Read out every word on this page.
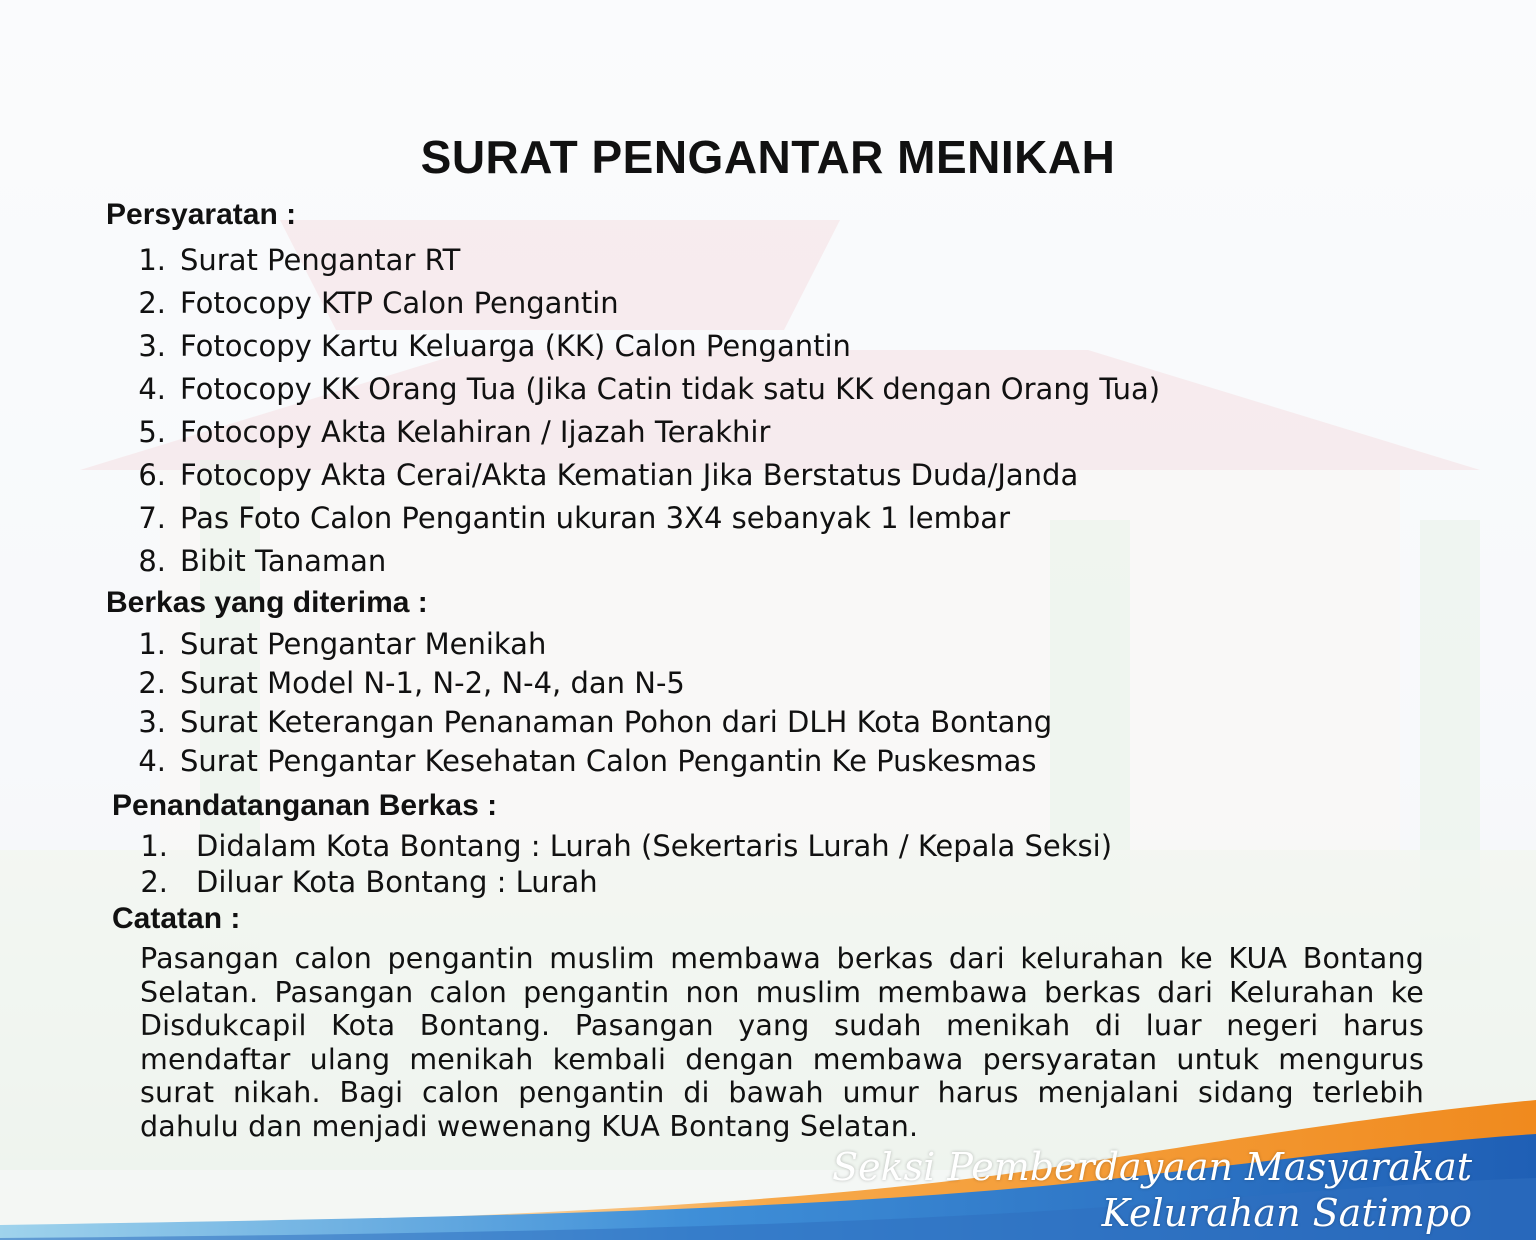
SURAT PENGANTAR MENIKAH
Persyaratan :
1. Surat Pengantar RT
2. Fotocopy KTP Calon Pengantin
3. Fotocopy Kartu Keluarga (KK) Calon Pengantin
4. Fotocopy KK Orang Tua (Jika Catin tidak satu KK dengan Orang Tua)
5. Fotocopy Akta Kelahiran / Ijazah Terakhir
6. Fotocopy Akta Cerai/Akta Kematian Jika Berstatus Duda/Janda
7. Pas Foto Calon Pengantin ukuran 3X4 sebanyak 1 lembar
8. Bibit Tanaman
Berkas yang diterima :
1. Surat Pengantar Menikah
2. Surat Model N-1, N-2, N-4, dan N-5
3. Surat Keterangan Penanaman Pohon dari DLH Kota Bontang
4. Surat Pengantar Kesehatan Calon Pengantin Ke Puskesmas
Penandatanganan Berkas :
1. Didalam Kota Bontang : Lurah (Sekertaris Lurah / Kepala Seksi)
2. Diluar Kota Bontang : Lurah
Catatan :
Pasangan calon pengantin muslim membawa berkas dari kelurahan ke KUA Bontang Selatan. Pasangan calon pengantin non muslim membawa berkas dari Kelurahan ke Disdukcapil Kota Bontang. Pasangan yang sudah menikah di luar negeri harus mendaftar ulang menikah kembali dengan membawa persyaratan untuk mengurus surat nikah. Bagi calon pengantin di bawah umur harus menjalani sidang terlebih dahulu dan menjadi wewenang KUA Bontang Selatan.
Seksi Pemberdayaan Masyarakat
Kelurahan Satimpo
